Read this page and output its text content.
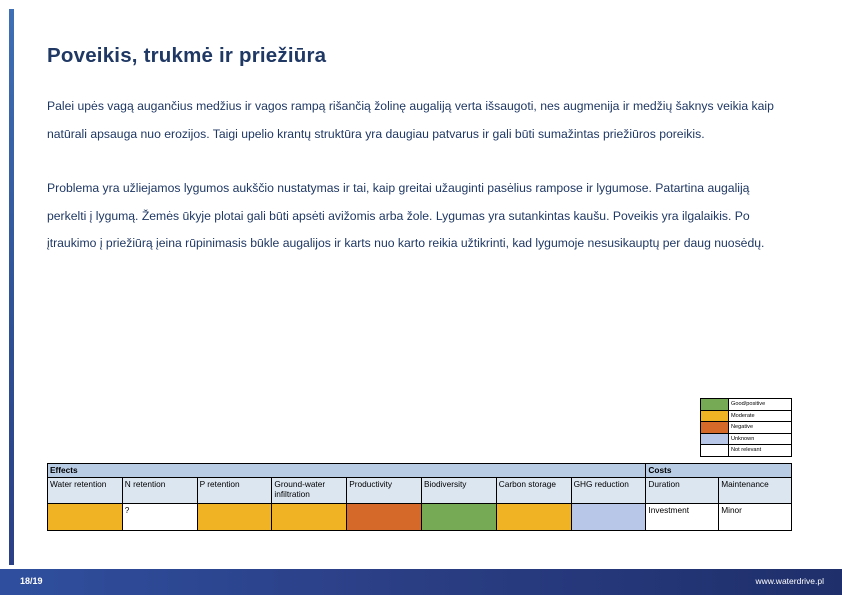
Poveikis, trukmė ir priežiūra

Palei upės vagą augančius medžius ir vagos rampą rišančią žolinę augaliją verta išsaugoti, nes augmenija ir medžių šaknys veikia kaip natūrali apsauga nuo erozijos. Taigi upelio krantų struktūra yra daugiau patvarus ir gali būti sumažintas priežiūros poreikis.

Problema yra užliejamos lygumos aukščio nustatymas ir tai, kaip greitai užauginti pasėlius rampose ir lygumose. Patartina augaliją perkelti į lygumą. Žemės ūkyje plotai gali būti apsėti avižomis arba žole. Lygumas yra sutankintas kaušu. Poveikis yra ilgalaikis. Po įtraukimo į priežiūrą įeina rūpinimasis būkle augalijos ir karts nuo karto reikia užtikrinti, kad lygumoje nesusikauptų per daug nuosėdų.

Good/positive
Moderate
Negative
Unknown
Not relevant
Effects								Costs	
Water retention	N retention	P retention	Ground-water infiltration	Productivity	Biodiversity	Carbon storage	GHG reduction	Duration	Maintenance
	?							Investment	Minor
18/19	www.waterdrive.pl
